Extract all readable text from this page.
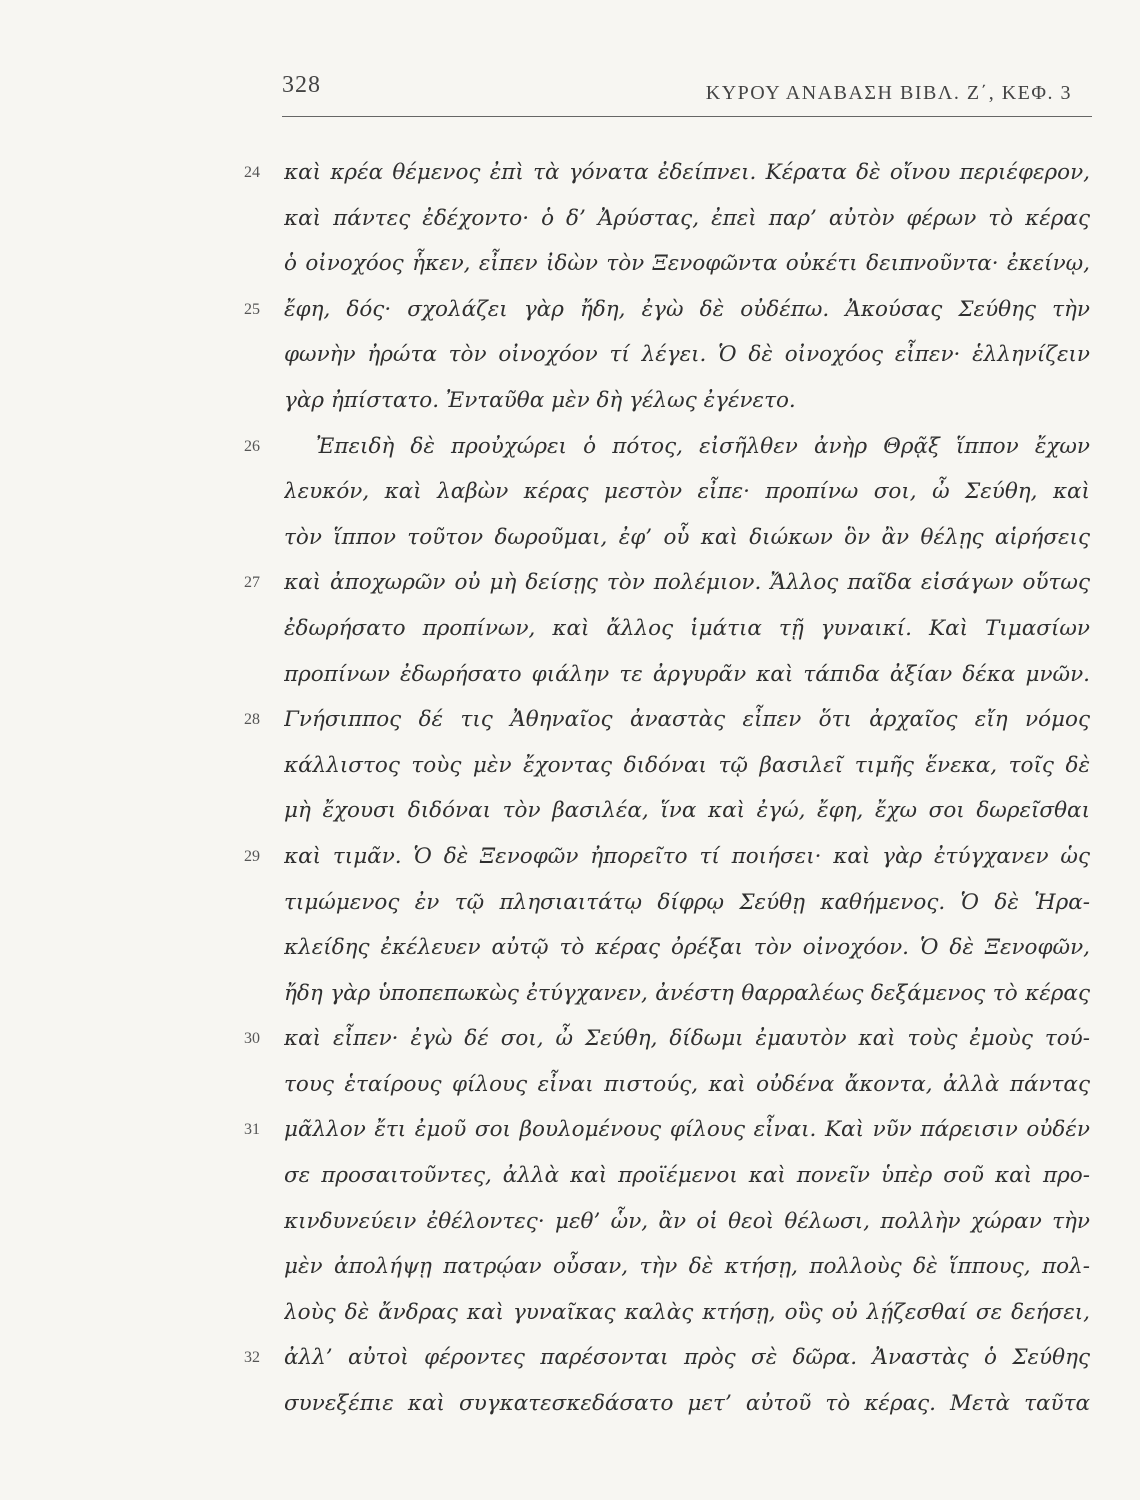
328	ΚΥΡΟΥ ΑΝΑΒΑΣΗ ΒΙΒΛ. Ζ΄, ΚΕΦ. 3
24	καὶ κρέα θέμενος ἐπὶ τὰ γόνατα ἐδείπνει. Κέρατα δὲ οἴνου περιέφερον,
καὶ πάντες ἐδέχοντο· ὁ δ’ Ἀρύστας, ἐπεὶ παρ’ αὐτὸν φέρων τὸ κέρας
ὁ οἰνοχόος ἧκεν, εἶπεν ἰδὼν τὸν Ξενοφῶντα οὐκέτι δειπνοῦντα· ἐκείνῳ,
25	ἔφη, δός· σχολάζει γὰρ ἤδη, ἐγὼ δὲ οὐδέπω. Ἀκούσας Σεύθης τὴν
φωνὴν ἠρώτα τὸν οἰνοχόον τί λέγει. Ὁ δὲ οἰνοχόος εἶπεν· ἑλληνίζειν
γὰρ ἠπίστατο. Ἐνταῦθα μὲν δὴ γέλως ἐγένετο.
26	Ἐπειδὴ δὲ προὐχώρει ὁ πότος, εἰσῆλθεν ἀνὴρ Θρᾷξ ἵππον ἔχων
λευκόν, καὶ λαβὼν κέρας μεστὸν εἶπε· προπίνω σοι, ὦ Σεύθη, καὶ
τὸν ἵππον τοῦτον δωροῦμαι, ἐφ’ οὗ καὶ διώκων ὃν ἂν θέλῃς αἱρήσεις
27	καὶ ἀποχωρῶν οὐ μὴ δείσῃς τὸν πολέμιον. Ἄλλος παῖδα εἰσάγων οὕτως
ἐδωρήσατο προπίνων, καὶ ἄλλος ἱμάτια τῇ γυναικί. Καὶ Τιμασίων
προπίνων ἐδωρήσατο φιάλην τε ἀργυρᾶν καὶ τάπιδα ἀξίαν δέκα μνῶν.
28	Γνήσιππος δέ τις Ἀθηναῖος ἀναστὰς εἶπεν ὅτι ἀρχαῖος εἴη νόμος
κάλλιστος τοὺς μὲν ἔχοντας διδόναι τῷ βασιλεῖ τιμῆς ἕνεκα, τοῖς δὲ
μὴ ἔχουσι διδόναι τὸν βασιλέα, ἵνα καὶ ἐγώ, ἔφη, ἔχω σοι δωρεῖσθαι
29	καὶ τιμᾶν. Ὁ δὲ Ξενοφῶν ἠπορεῖτο τί ποιήσει· καὶ γὰρ ἐτύγχανεν ὡς
τιμώμενος ἐν τῷ πλησιαιτάτῳ δίφρῳ Σεύθῃ καθήμενος. Ὁ δὲ Ἡρα-
κλείδης ἐκέλευεν αὐτῷ τὸ κέρας ὀρέξαι τὸν οἰνοχόον. Ὁ δὲ Ξενοφῶν,
ἤδη γὰρ ὑποπεπωκὼς ἐτύγχανεν, ἀνέστη θαρραλέως δεξάμενος τὸ κέρας
30	καὶ εἶπεν· ἐγὼ δέ σοι, ὦ Σεύθη, δίδωμι ἐμαυτὸν καὶ τοὺς ἐμοὺς τού-
τους ἑταίρους φίλους εἶναι πιστούς, καὶ οὐδένα ἄκοντα, ἀλλὰ πάντας
31	μᾶλλον ἔτι ἐμοῦ σοι βουλομένους φίλους εἶναι. Καὶ νῦν πάρεισιν οὐδέν
σε προσαιτοῦντες, ἀλλὰ καὶ προϊέμενοι καὶ πονεῖν ὑπὲρ σοῦ καὶ προ-
κινδυνεύειν ἐθέλοντες· μεθ’ ὧν, ἂν οἱ θεοὶ θέλωσι, πολλὴν χώραν τὴν
μὲν ἀπολήψῃ πατρῴαν οὖσαν, τὴν δὲ κτήσῃ, πολλοὺς δὲ ἵππους, πολ-
λοὺς δὲ ἄνδρας καὶ γυναῖκας καλὰς κτήσῃ, οὓς οὐ λῄζεσθαί σε δεήσει,
32	ἀλλ’ αὐτοὶ φέροντες παρέσονται πρὸς σὲ δῶρα. Ἀναστὰς ὁ Σεύθης
συνεξέπιε καὶ συγκατεσκεδάσατο μετ’ αὐτοῦ τὸ κέρας. Μετὰ ταῦτα
